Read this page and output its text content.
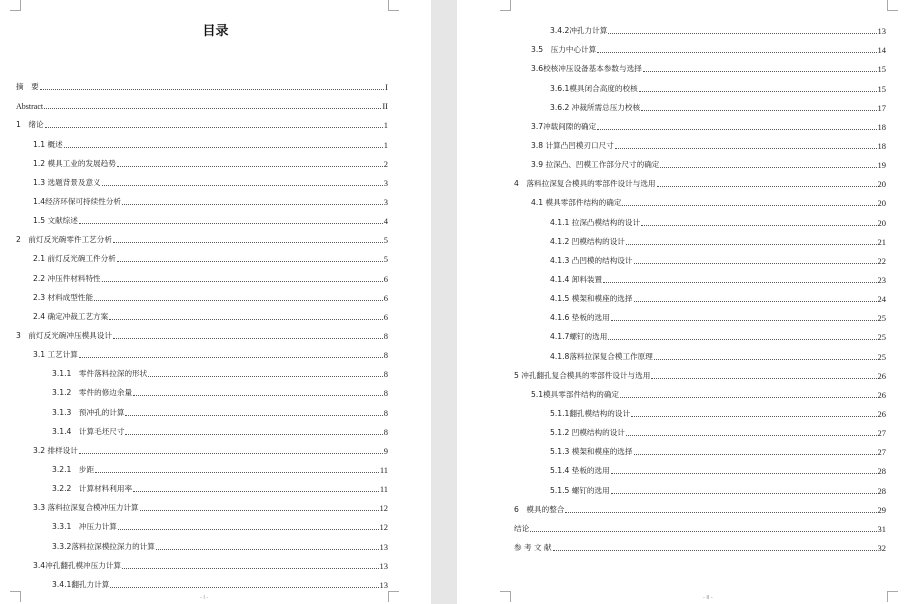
目录
- I -	- II -
摘　要	I
Abstract	II
1　绪论	1
1.1 概述	1
1.2 模具工业的发展趋势	2
1.3 选题背景及意义	3
1.4经济环保可持续性分析	3
1.5 文献综述	4
2　前灯反光碗零件工艺分析	5
2.1 前灯反光碗工件分析	5
2.2 冲压件材料特性	6
2.3 材料成型性能	6
2.4 确定冲裁工艺方案	6
3　前灯反光碗冲压模具设计	8
3.1 工艺计算	8
3.1.1　零件落料拉深的形状	8
3.1.2　零件的修边余量	8
3.1.3　预冲孔的计算	8
3.1.4　计算毛坯尺寸	8
3.2 排样设计	9
3.2.1　步距	11
3.2.2　计算材料利用率	11
3.3 落料拉深复合模冲压力计算	12
3.3.1　冲压力计算	12
3.3.2落料拉深模拉深力的计算	13
3.4冲孔翻孔模冲压力计算	13
3.4.1翻孔力计算	13
3.4.2冲孔力计算	13
3.5　压力中心计算	14
3.6校核冲压设备基本参数与选择	15
3.6.1模具闭合高度的校核	15
3.6.2 冲裁所需总压力校核	17
3.7冲载间隙的确定	18
3.8 计算凸凹模刃口尺寸	18
3.9 拉深凸、凹模工作部分尺寸的确定	19
4　落料拉深复合模具的零部件设计与选用	20
4.1 模具零部件结构的确定	20
4.1.1 拉深凸模结构的设计	20
4.1.2 凹模结构的设计	21
4.1.3 凸凹模的结构设计	22
4.1.4 卸料装置	23
4.1.5 模架和模座的选择	24
4.1.6 垫板的选用	25
4.1.7螺钉的选用	25
4.1.8落料拉深复合模工作原理	25
5 冲孔翻孔复合模具的零部件设计与选用	26
5.1模具零部件结构的确定	26
5.1.1翻孔模结构的设计	26
5.1.2 凹模结构的设计	27
5.1.3 模架和模座的选择	27
5.1.4 垫板的选用	28
5.1.5 螺钉的选用	28
6　模具的整合	29
结论	31
参 考 文 献	32
